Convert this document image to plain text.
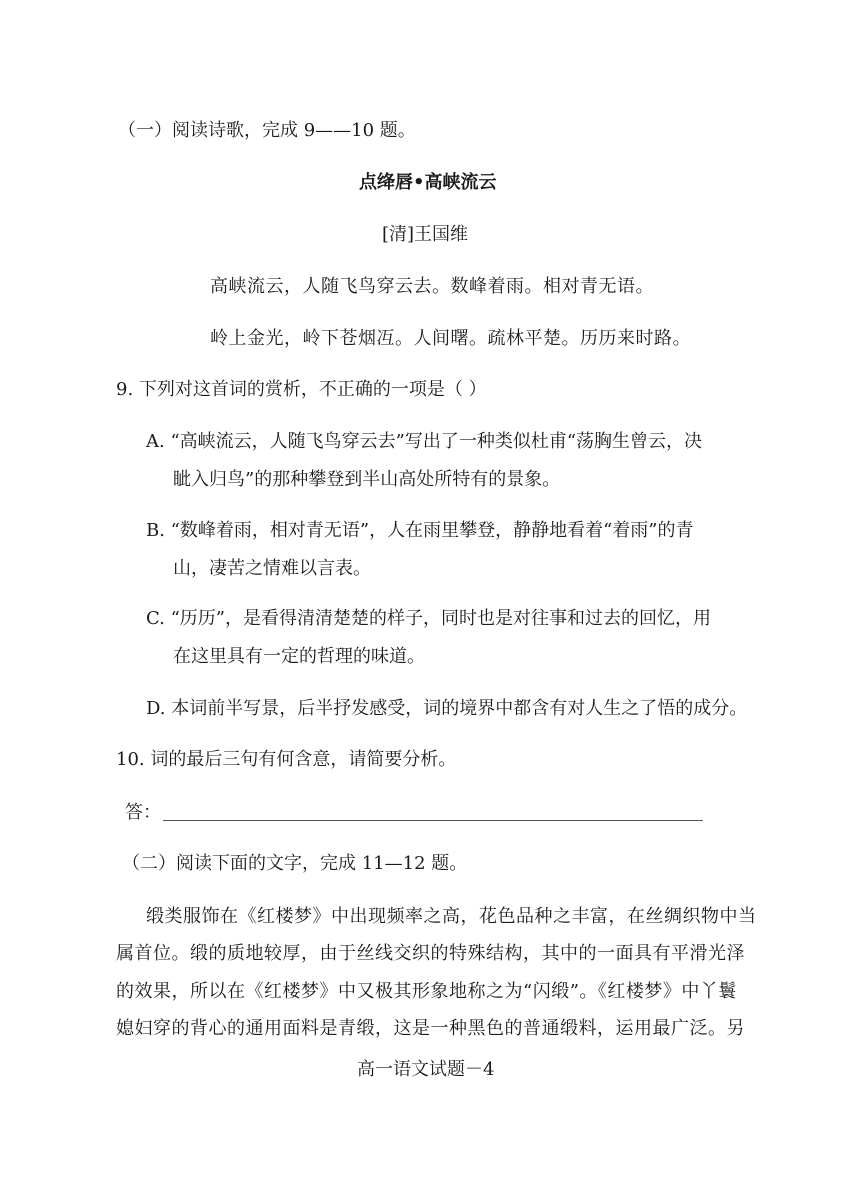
（一）阅读诗歌，完成 9——10 题。
点绛唇•高峡流云
[清]王国维
高峡流云，人随飞鸟穿云去。数峰着雨。相对青无语。
岭上金光，岭下苍烟冱。人间曙。疏林平楚。历历来时路。
9. 下列对这首词的赏析，不正确的一项是（ ）
A. “高峡流云，人随飞鸟穿云去”写出了一种类似杜甫“荡胸生曾云，决
眦入归鸟”的那种攀登到半山高处所特有的景象。
B. “数峰着雨，相对青无语”，人在雨里攀登，静静地看着“着雨”的青
山，凄苦之情难以言表。
C. “历历”，是看得清清楚楚的样子，同时也是对往事和过去的回忆，用
在这里具有一定的哲理的味道。
D. 本词前半写景，后半抒发感受，词的境界中都含有对人生之了悟的成分。
10. 词的最后三句有何含意，请简要分析。
答：
（二）阅读下面的文字，完成 11—12 题。
缎类服饰在《红楼梦》中出现频率之高，花色品种之丰富，在丝绸织物中当
属首位。缎的质地较厚，由于丝线交织的特殊结构，其中的一面具有平滑光泽
的效果，所以在《红楼梦》中又极其形象地称之为“闪缎”。《红楼梦》中丫鬟
媳妇穿的背心的通用面料是青缎，这是一种黑色的普通缎料，运用最广泛。另
高一语文试题－4
